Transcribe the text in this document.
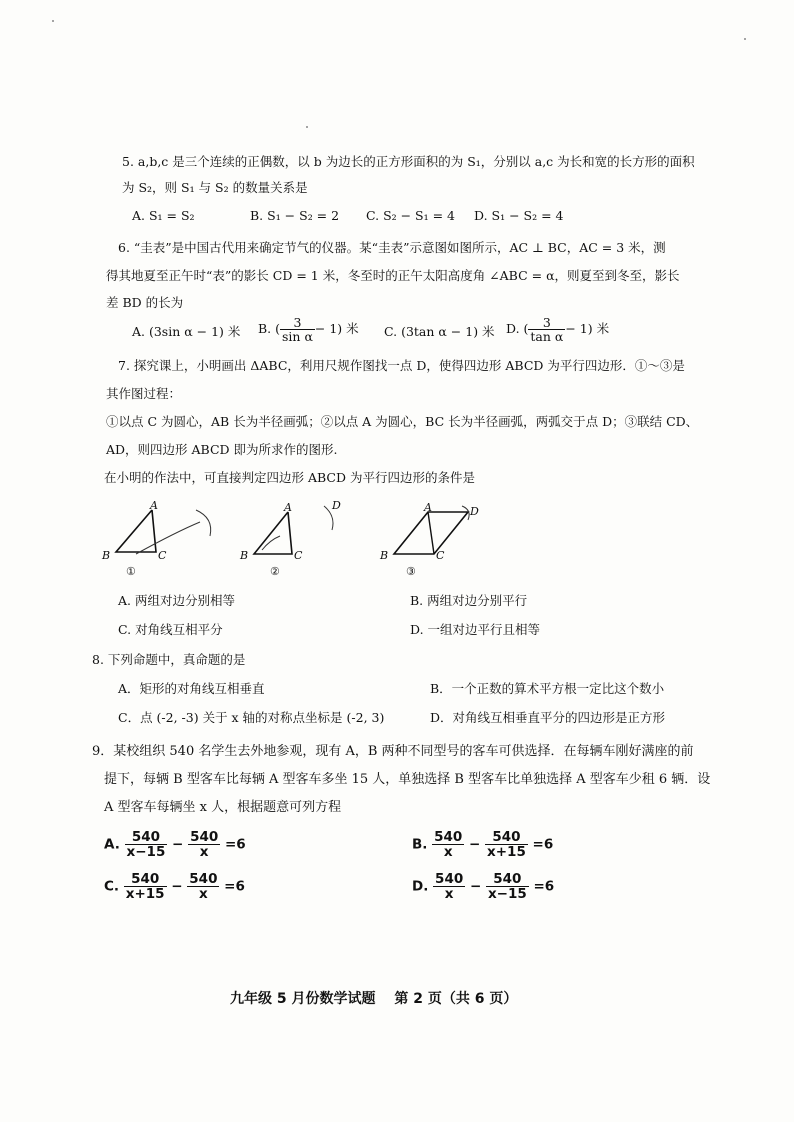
5. a,b,c 是三个连续的正偶数，以 b 为边长的正方形面积的为 S₁，分别以 a,c 为长和宽的长方形的面积
为 S₂，则 S₁ 与 S₂ 的数量关系是
A. S₁ = S₂	B. S₁ − S₂ = 2 C. S₂ − S₁ = 4 D. S₁ − S₂ = 4
6. “圭表”是中国古代用来确定节气的仪器。某“圭表”示意图如图所示，AC ⊥ BC，AC = 3 米，测
得其地夏至正午时“表”的影长 CD = 1 米，冬至时的正午太阳高度角 ∠ABC = α，则夏至到冬至，影长
差 BD 的长为
A. (3sin α − 1) 米 B. ( $\frac{3}{\text{sin α}} - 1$) 米 C. (3tan α − 1) 米 D. ( $\frac{3}{\text{tan α}} - 1$) 米
7. 探究课上，小明画出 ΔABC，利用尺规作图找一点 D，使得四边形 ABCD 为平行四边形．①～③是
其作图过程：
①以点 C 为圆心，AB 长为半径画弧；②以点 A 为圆心，BC 长为半径画弧，两弧交于点 D；③联结 CD、
AD，则四边形 ABCD 即为所求作的图形.
在小明的作法中，可直接判定四边形 ABCD 为平行四边形的条件是
A
B	C
①
A
B	C
D
②
A
B	C
D
③
A. 两组对边分别相等	B. 两组对边分别平行
C. 对角线互相平分	D. 一组对边平行且相等
8. 下列命题中，真命题的是
A．矩形的对角线互相垂直	B．一个正数的算术平方根一定比这个数小
C．点 (-2, -3) 关于 x 轴的对称点坐标是 (-2, 3)	D．对角线互相垂直平分的四边形是正方形
9．某校组织 540 名学生去外地参观，现有 A，B 两种不同型号的客车可供选择．在每辆车刚好满座的前
提下，每辆 B 型客车比每辆 A 型客车多坐 15 人，单独选择 B 型客车比单独选择 A 型客车少租 6 辆．设
A 型客车每辆坐 x 人，根据题意可列方程
A. $\frac{540}{x-15} - \frac{540}{x} =6$	B. $\frac{540}{x} - \frac{540}{x+15} =6$
C. $\frac{540}{x+15} - \frac{540}{x} =6$	D. $\frac{540}{x} - \frac{540}{x-15} =6$
九年级 5 月份数学试题　 第 2 页（共 6 页）
